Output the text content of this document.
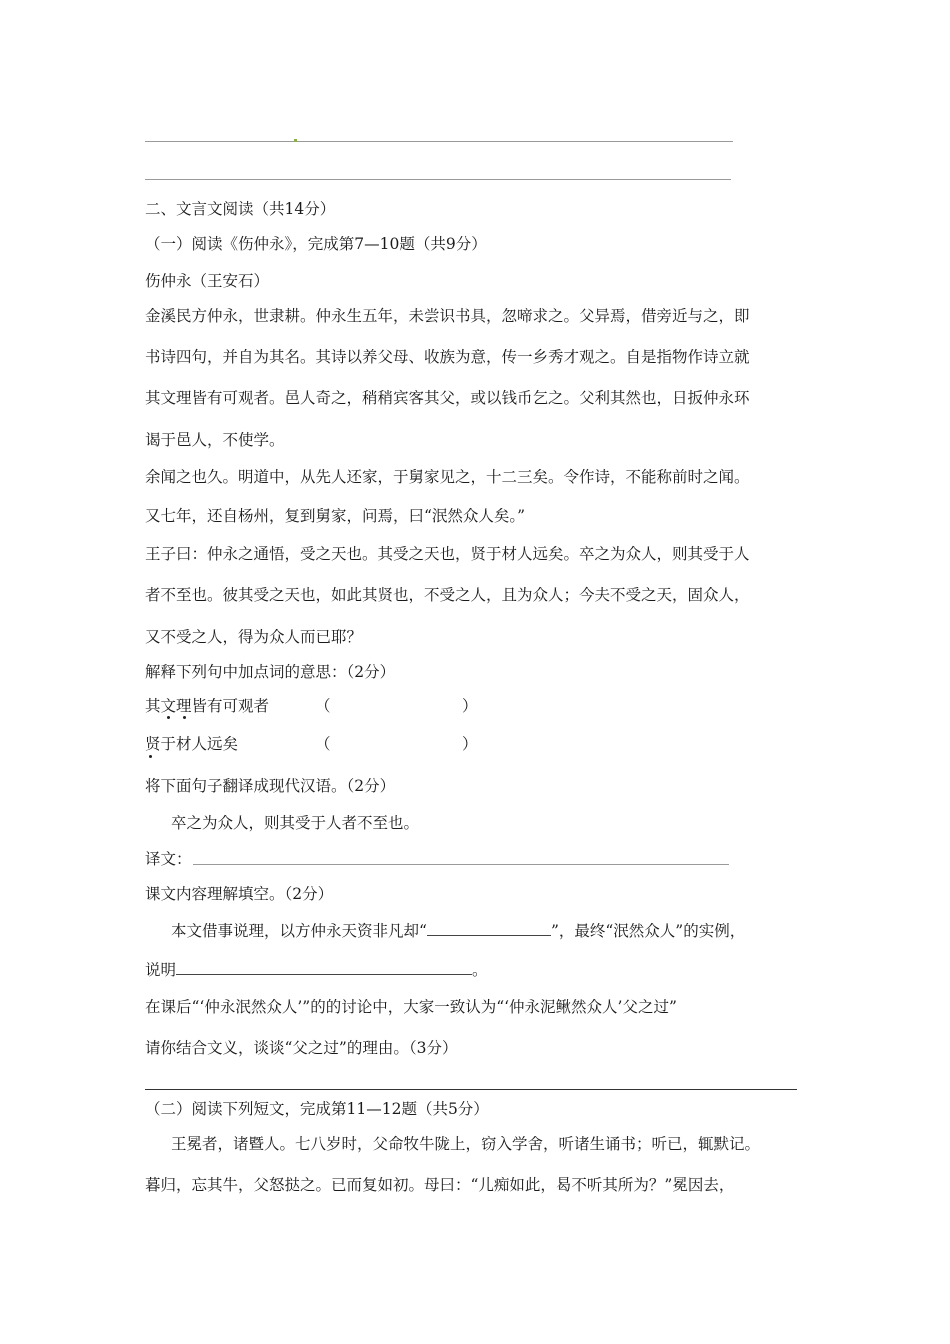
二、文言文阅读（共14分）
（一）阅读《伤仲永》，完成第7—10题（共9分）
伤仲永（王安石）
金溪民方仲永，世隶耕。仲永生五年，未尝识书具，忽啼求之。父异焉，借旁近与之，即
书诗四句，并自为其名。其诗以养父母、收族为意，传一乡秀才观之。自是指物作诗立就
其文理皆有可观者。邑人奇之，稍稍宾客其父，或以钱币乞之。父利其然也，日扳仲永环
谒于邑人，不使学。
余闻之也久。明道中，从先人还家，于舅家见之，十二三矣。令作诗，不能称前时之闻。
又七年，还自杨州，复到舅家，问焉，曰“泯然众人矣。”
王子曰：仲永之通悟，受之天也。其受之天也，贤于材人远矣。卒之为众人，则其受于人
者不至也。彼其受之天也，如此其贤也，不受之人，且为众人；今夫不受之天，固众人，
又不受之人，得为众人而已耶？
解释下列句中加点词的意思：（2分）
其文理皆有可观者	（	）
贤于材人远矣	（	）
将下面句子翻译成现代汉语。（2分）
卒之为众人，则其受于人者不至也。
译文：
课文内容理解填空。（2分）
本文借事说理，以方仲永天资非凡却“	”，最终“泯然众人”的实例，
说明	。
在课后“‘仲永泯然众人’”的的讨论中，大家一致认为“‘仲永泥鳅然众人’父之过”
请你结合文义，谈谈“父之过”的理由。（3分）
（二）阅读下列短文，完成第11—12题（共5分）
王冕者，诸暨人。七八岁时，父命牧牛陇上，窃入学舍，听诸生诵书；听已，辄默记。
暮归，忘其牛，父怒挞之。已而复如初。母曰：“儿痴如此，曷不听其所为？”冕因去，
